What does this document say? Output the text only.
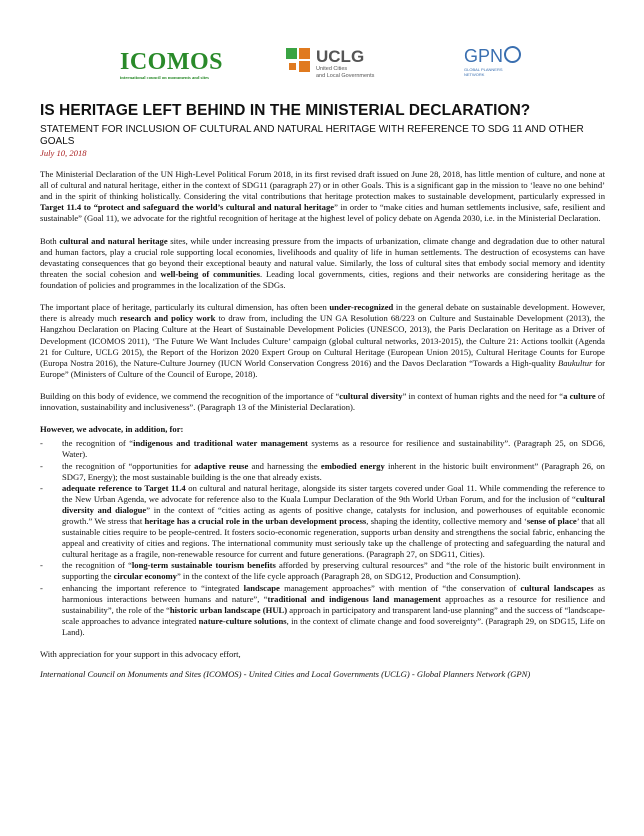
ICOMOS
international council on monuments and sites
UCLG
United Cities
and Local Governments
GPN
GLOBAL PLANNERS NETWORK
IS HERITAGE LEFT BEHIND IN THE MINISTERIAL DECLARATION?
STATEMENT FOR INCLUSION OF CULTURAL AND NATURAL HERITAGE WITH REFERENCE TO SDG 11 AND OTHER GOALS
July 10, 2018

The Ministerial Declaration of the UN High-Level Political Forum 2018, in its first revised draft issued on June 28, 2018, has little mention of culture, and none at all of cultural and natural heritage, either in the context of SDG11 (paragraph 27) or in other Goals. This is a significant gap in the mission to ‘leave no one behind’ and in the spirit of thinking holistically. Considering the vital contributions that heritage protection makes to sustainable development, particularly expressed in Target 11.4 to “protect and safeguard the world’s cultural and natural heritage” in order to “make cities and human settlements inclusive, safe, resilient and sustainable” (Goal 11), we advocate for the rightful recognition of heritage at the highest level of policy debate on Agenda 2030, i.e. in the Ministerial Declaration.

Both cultural and natural heritage sites, while under increasing pressure from the impacts of urbanization, climate change and degradation due to other natural and human factors, play a crucial role supporting local economies, livelihoods and quality of life in human settlements. The destruction of ecosystems can have devastating consequences that go beyond their exceptional beauty and natural value. Similarly, the loss of cultural sites that embody social memory and identity threaten the social cohesion and well-being of communities. Leading local governments, cities, regions and their networks are considering heritage as the foundation of policies and programmes in the localization of the SDGs.

The important place of heritage, particularly its cultural dimension, has often been under-recognized in the general debate on sustainable development. However, there is already much research and policy work to draw from, including the UN GA Resolution 68/223 on Culture and Sustainable Development (2013), the Hangzhou Declaration on Placing Culture at the Heart of Sustainable Development Policies (UNESCO, 2013), the Paris Declaration on Heritage as a Driver of Development (ICOMOS 2011), ‘The Future We Want Includes Culture’ campaign (global cultural networks, 2013-2015), the Culture 21: Actions toolkit (Agenda 21 for Culture, UCLG 2015), the Report of the Horizon 2020 Expert Group on Cultural Heritage (European Union 2015), Cultural Heritage Counts for Europe (Europa Nostra 2016), the Nature-Culture Journey (IUCN World Conservation Congress 2016) and the Davos Declaration “Towards a High-quality Baukultur for Europe” (Ministers of Culture of the Council of Europe, 2018).

Building on this body of evidence, we commend the recognition of the importance of “cultural diversity” in context of human rights and the need for “a culture of innovation, sustainability and inclusiveness”. (Paragraph 13 of the Ministerial Declaration).

However, we advocate, in addition, for:

- the recognition of “indigenous and traditional water management systems as a resource for resilience and sustainability”. (Paragraph 25, on SDG6, Water).
- the recognition of “opportunities for adaptive reuse and harnessing the embodied energy inherent in the historic built environment” (Paragraph 26, on SDG7, Energy); the most sustainable building is the one that already exists.
- adequate reference to Target 11.4 on cultural and natural heritage, alongside its sister targets covered under Goal 11. While commending the reference to the New Urban Agenda, we advocate for reference also to the Kuala Lumpur Declaration of the 9th World Urban Forum, and for the inclusion of “cultural diversity and dialogue” in the context of “cities acting as agents of positive change, catalysts for inclusion, and powerhouses of equitable economic growth.” We stress that heritage has a crucial role in the urban development process, shaping the identity, collective memory and ‘sense of place’ that all sustainable cities require to be people-centred. It fosters socio-economic regeneration, supports urban density and strengthens the social fabric, enhancing the appeal and creativity of cities and regions. The international community must seriously take up the challenge of protecting and safeguarding the natural and cultural heritage as a fragile, non-renewable resource for current and future generations. (Paragraph 27, on SDG11, Cities).
- the recognition of “long-term sustainable tourism benefits afforded by preserving cultural resources” and “the role of the historic built environment in supporting the circular economy” in the context of the life cycle approach (Paragraph 28, on SDG12, Production and Consumption).
- enhancing the important reference to “integrated landscape management approaches” with mention of “the conservation of cultural landscapes as harmonious interactions between humans and nature”, “traditional and indigenous land management approaches as a resource for resilience and sustainability”, the role of the “historic urban landscape (HUL) approach in participatory and transparent land-use planning” and the success of “landscape-scale approaches to advance integrated nature-culture solutions, in the context of climate change and food sovereignty”. (Paragraph 29, on SDG15, Life on Land).
With appreciation for your support in this advocacy effort,
International Council on Monuments and Sites (ICOMOS) - United Cities and Local Governments (UCLG) - Global Planners Network (GPN)
